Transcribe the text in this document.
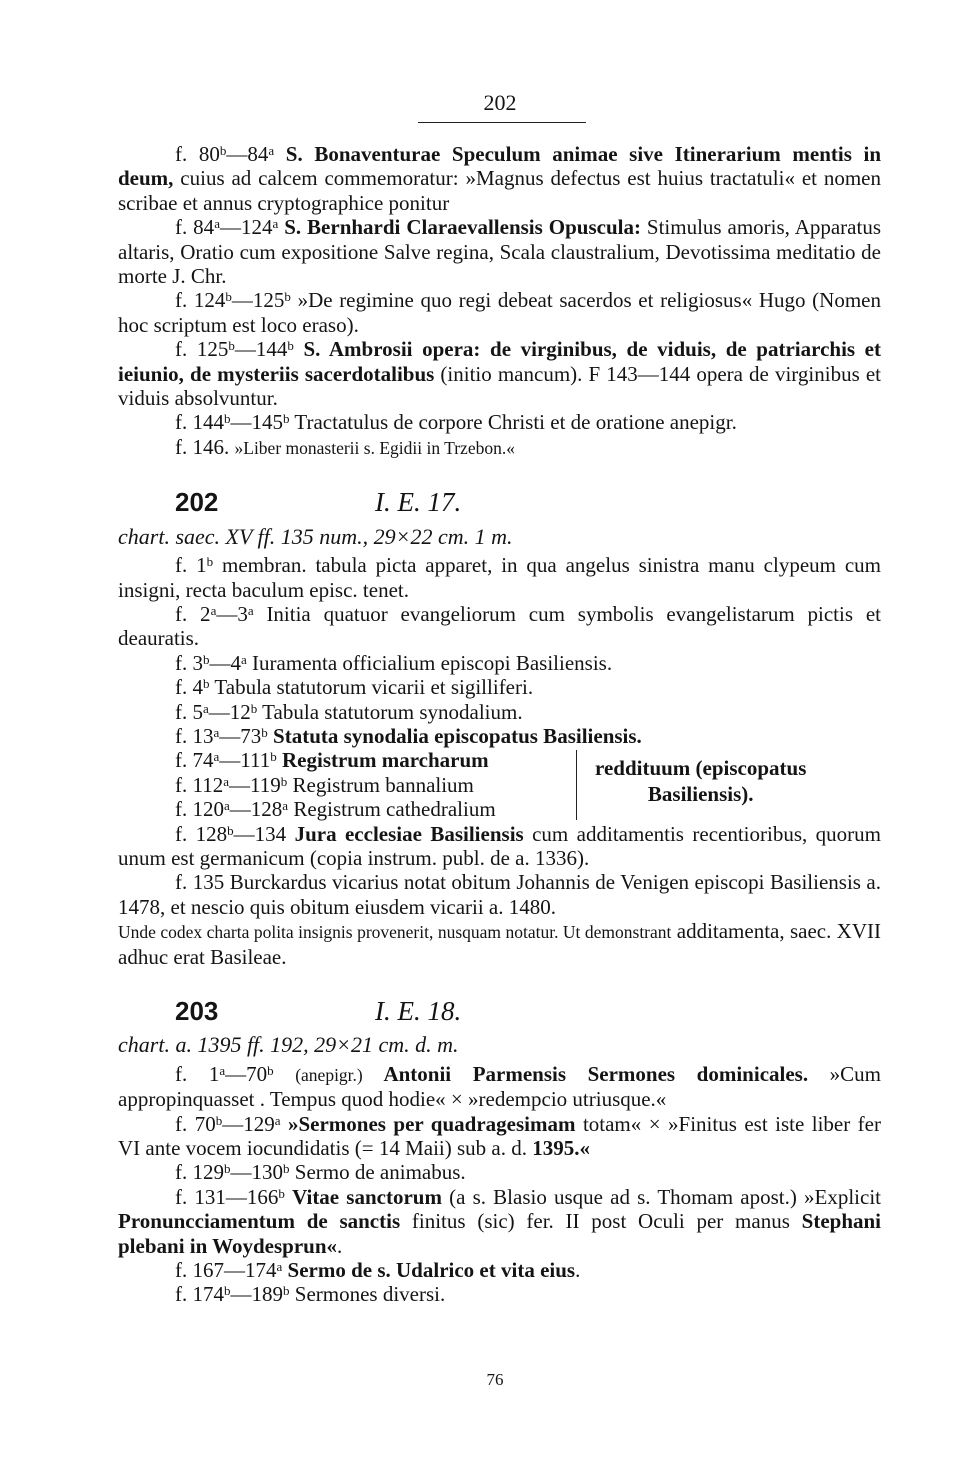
202

f. 80$^b$—84$^a$ S. Bonaventurae Speculum animae sive Itinerarium mentis in deum, cuius ad calcem commemoratur: »Magnus defectus est huius tractatuli« et nomen scribae et annus cryptographice ponitur

f. 84$^a$—124$^a$ S. Bernhardi Claraevallensis Opuscula: Stimulus amoris, Apparatus altaris, Oratio cum expositione Salve regina, Scala claustralium, Devotissima meditatio de morte J. Chr.

f. 124$^b$—125$^b$ »De regimine quo regi debeat sacerdos et religiosus« Hugo (Nomen hoc scriptum est loco eraso).

f. 125$^b$—144$^b$ S. Ambrosii opera: de virginibus, de viduis, de patriarchis et ieiunio, de mysteriis sacerdotalibus (initio mancum). F 143—144 opera de virginibus et viduis absolvuntur.

f. 144$^b$—145$^b$ Tractatulus de corpore Christi et de oratione anepigr.

f. 146. »Liber monasterii s. Egidii in Trzebon.«

202	I. E. 17.
chart. saec. XV ff. 135 num., 29×22 cm. 1 m.

f. 1$^b$ membran. tabula picta apparet, in qua angelus sinistra manu clypeum cum insigni, recta baculum episc. tenet.

f. 2$^a$—3$^a$ Initia quatuor evangeliorum cum symbolis evangelistarum pictis et deauratis.

f. 3$^b$—4$^a$ Iuramenta officialium episcopi Basiliensis.

f. 4$^b$ Tabula statutorum vicarii et sigilliferi.

f. 5$^a$—12$^b$ Tabula statutorum synodalium.

f. 13$^a$—73$^b$ Statuta synodalia episcopatus Basiliensis.

f. 74$^a$—111$^b$ Registrum marcharum
f. 112$^a$—119$^b$ Registrum bannalium
f. 120$^a$—128$^a$ Registrum cathedralium
reddituum (episcopatus
Basiliensis).

f. 128$^b$—134 Jura ecclesiae Basiliensis cum additamentis recentioribus, quorum unum est germanicum (copia instrum. publ. de a. 1336).

f. 135 Burckardus vicarius notat obitum Johannis de Venigen episcopi Basiliensis a. 1478, et nescio quis obitum eiusdem vicarii a. 1480.

Unde codex charta polita insignis provenerit, nusquam notatur. Ut demonstrant additamenta, saec. XVII adhuc erat Basileae.

203	I. E. 18.
chart. a. 1395 ff. 192, 29×21 cm. d. m.

f. 1$^a$—70$^b$ (anepigr.) Antonii Parmensis Sermones dominicales. »Cum appropinquasset . Tempus quod hodie« × »redempcio utriusque.«

f. 70$^b$—129$^a$ »Sermones per quadragesimam totam« × »Finitus est iste liber fer VI ante vocem iocundidatis (= 14 Maii) sub a. d. 1395.«

f. 129$^b$—130$^b$ Sermo de animabus.

f. 131—166$^b$ Vitae sanctorum (a s. Blasio usque ad s. Thomam apost.) »Explicit Pronuncciamentum de sanctis finitus (sic) fer. II post Oculi per manus Stephani plebani in Woydesprun«.

f. 167—174$^a$ Sermo de s. Udalrico et vita eius.

f. 174$^b$—189$^b$ Sermones diversi.

76
